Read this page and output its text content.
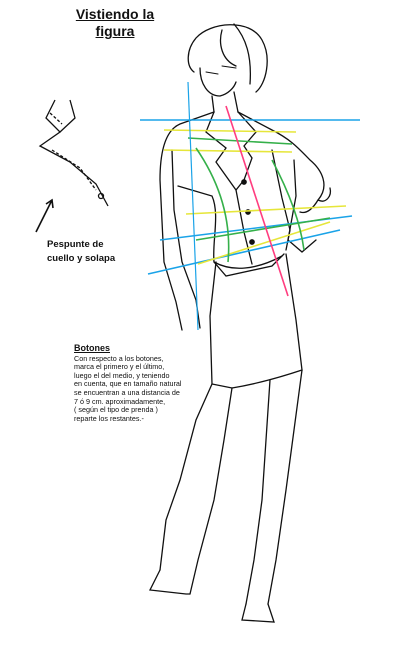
Vistiendo la
figura
Pespunte de
cuello y solapa
Botones

Con respecto a los botones,

marca el primero y el último,

luego el del medio, y teniendo

en cuenta, que en tamaño natural

se encuentran a una distancia de

7 ó 9 cm. aproximadamente,

( según el tipo de prenda )

reparte los restantes.-
